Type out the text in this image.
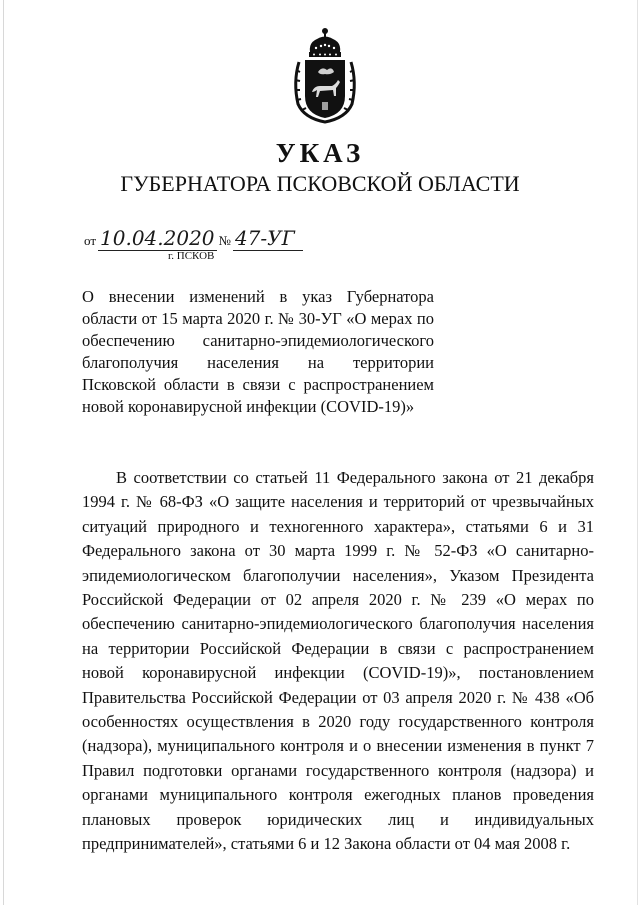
УКАЗ
ГУБЕРНАТОРА ПСКОВСКОЙ ОБЛАСТИ
от 10.04.2020 № 47-УГ
г. ПСКОВ
О внесении изменений в указ Губернатора области от 15 марта 2020 г. № 30-УГ «О мерах по обеспечению санитарно-эпидемиологического благополучия населения на территории Псковской области в связи с распространением новой коронавирусной инфекции (COVID-19)»
В соответствии со статьей 11 Федерального закона от 21 декабря 1994 г. № 68-ФЗ «О защите населения и территорий от чрезвычайных ситуаций природного и техногенного характера», статьями 6 и 31 Федерального закона от 30 марта 1999 г. № 52-ФЗ «О санитарно-эпидемиологическом благополучии населения», Указом Президента Российской Федерации от 02 апреля 2020 г. № 239 «О мерах по обеспечению санитарно-эпидемиологического благополучия населения на территории Российской Федерации в связи с распространением новой коронавирусной инфекции (COVID-19)», постановлением Правительства Российской Федерации от 03 апреля 2020 г. № 438 «Об особенностях осуществления в 2020 году государственного контроля (надзора), муниципального контроля и о внесении изменения в пункт 7 Правил подготовки органами государственного контроля (надзора) и органами муниципального контроля ежегодных планов проведения плановых проверок юридических лиц и индивидуальных предпринимателей», статьями 6 и 12 Закона области от 04 мая 2008 г.
